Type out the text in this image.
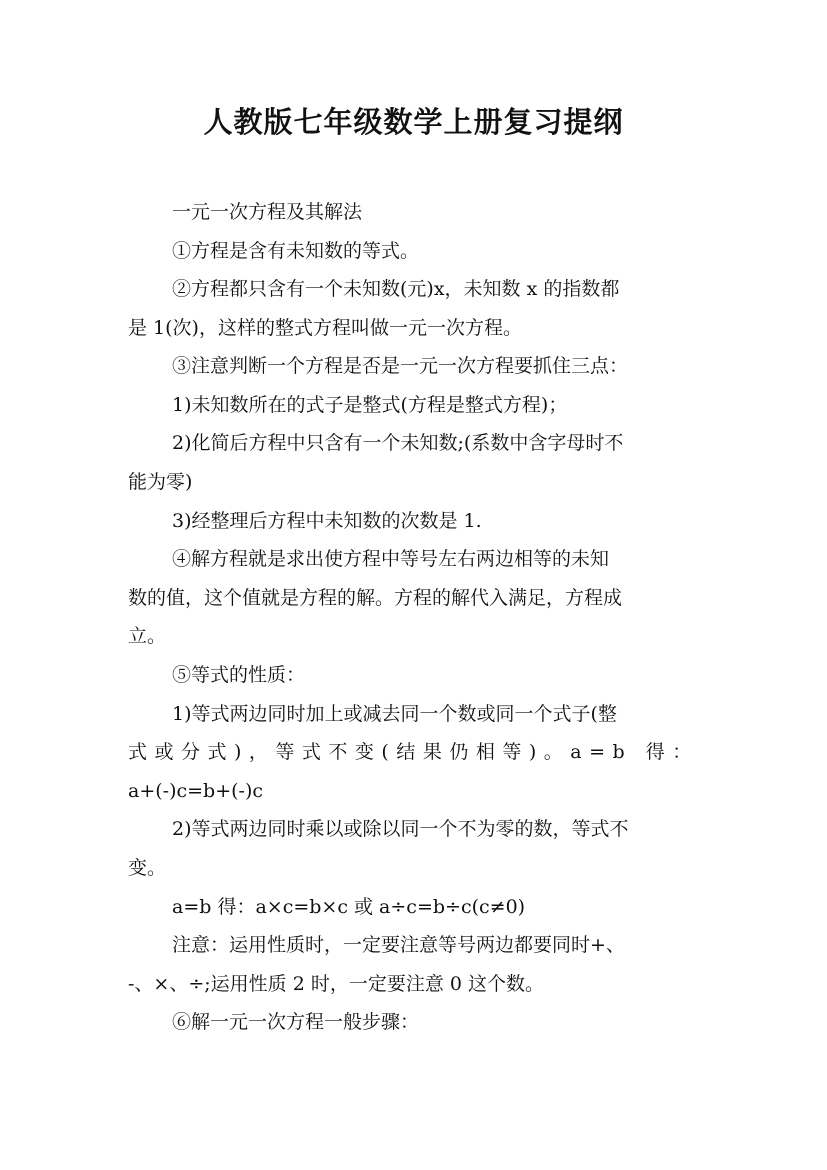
人教版七年级数学上册复习提纲
一元一次方程及其解法
①方程是含有未知数的等式。
②方程都只含有一个未知数(元)x，未知数 x 的指数都
是 1(次)，这样的整式方程叫做一元一次方程。
③注意判断一个方程是否是一元一次方程要抓住三点：
1)未知数所在的式子是整式(方程是整式方程)；
2)化简后方程中只含有一个未知数;(系数中含字母时不
能为零)
3)经整理后方程中未知数的次数是 1.
④解方程就是求出使方程中等号左右两边相等的未知
数的值，这个值就是方程的解。方程的解代入满足，方程成
立。
⑤等式的性质：
1)等式两边同时加上或减去同一个数或同一个式子(整
式或分式)，等式不变(结果仍相等)。a=b 得：
a+(-)c=b+(-)c
2)等式两边同时乘以或除以同一个不为零的数，等式不
变。
a=b 得：a×c=b×c 或 a÷c=b÷c(c≠0)
注意：运用性质时，一定要注意等号两边都要同时+、
-、×、÷;运用性质 2 时，一定要注意 0 这个数。
⑥解一元一次方程一般步骤：
